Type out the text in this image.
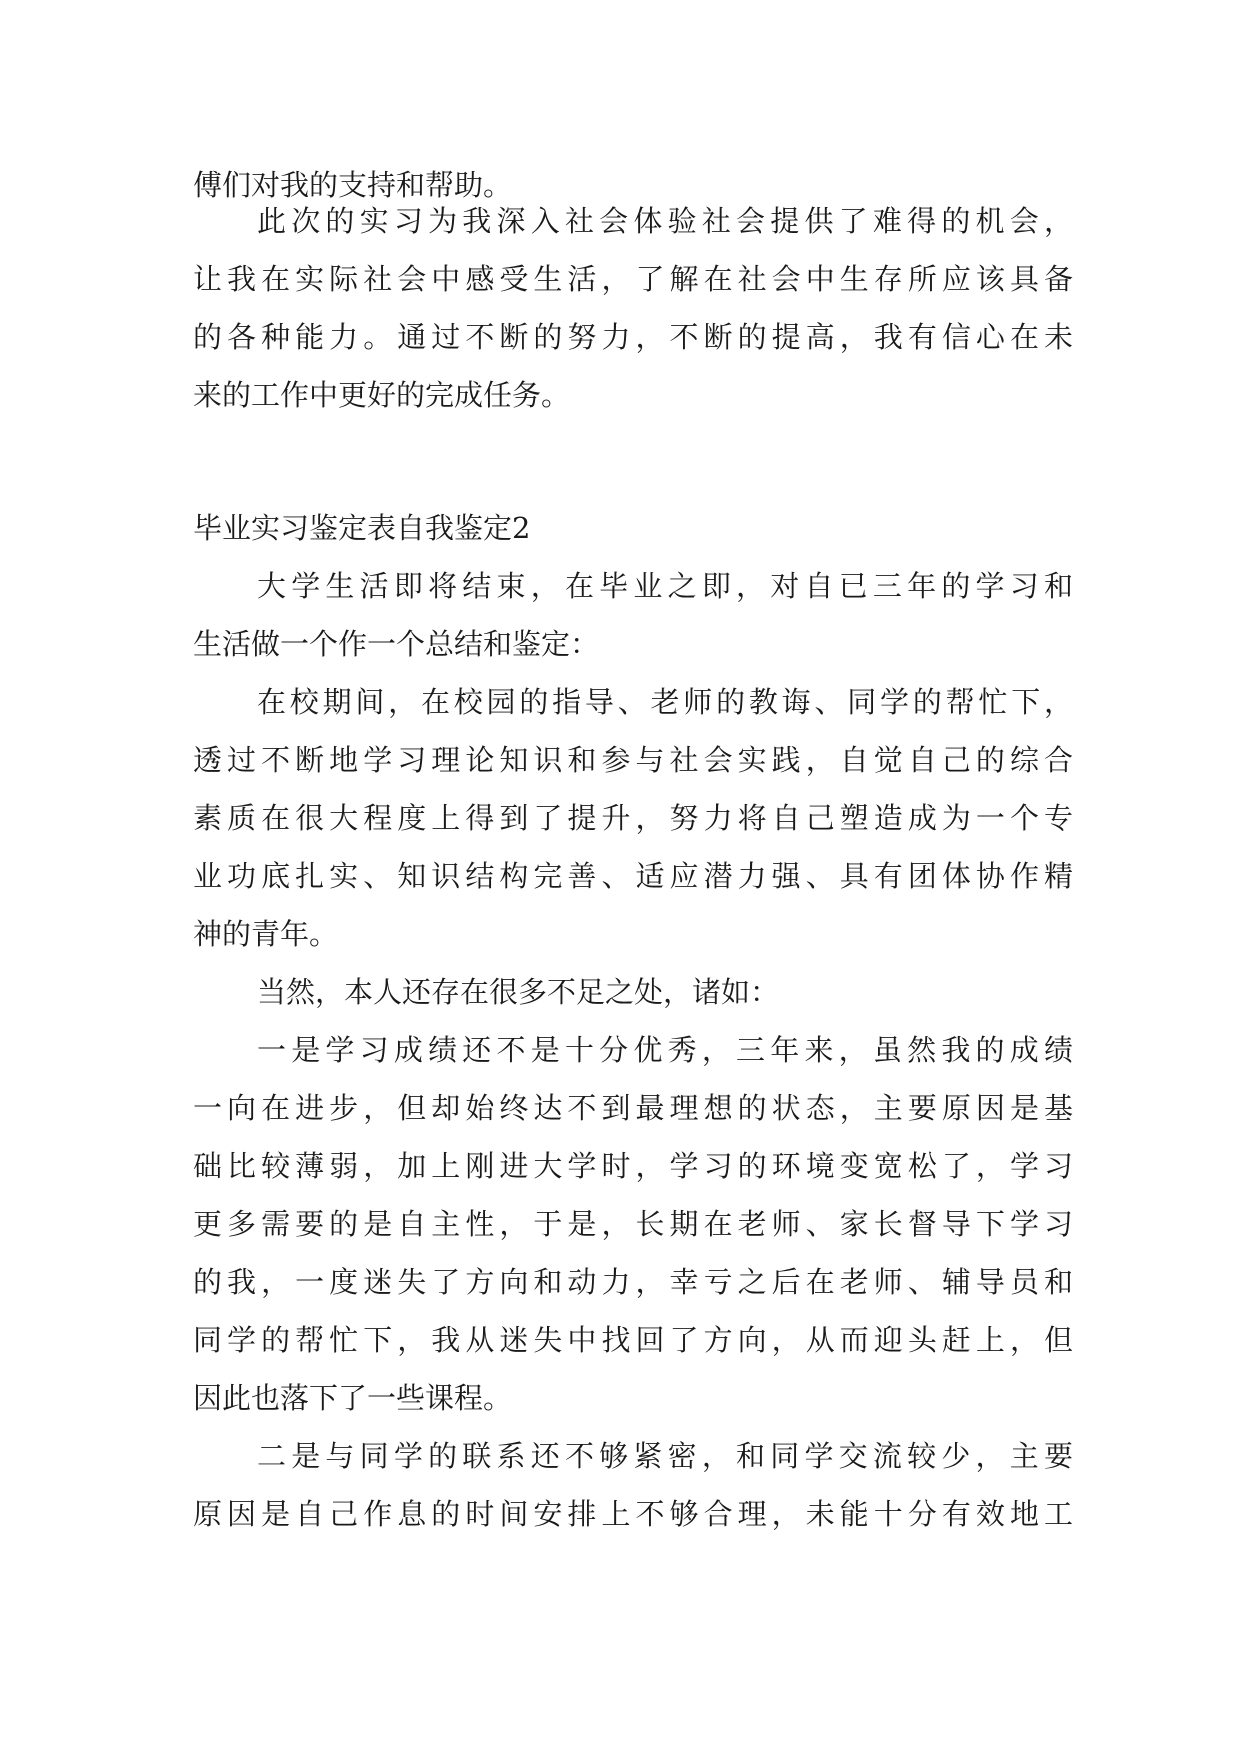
傅们对我的支持和帮助。
此次的实习为我深入社会体验社会提供了难得的机会，
让我在实际社会中感受生活，了解在社会中生存所应该具备
的各种能力。通过不断的努力，不断的提高，我有信心在未
来的工作中更好的完成任务。
毕业实习鉴定表自我鉴定2
大学生活即将结束，在毕业之即，对自已三年的学习和
生活做一个作一个总结和鉴定：
在校期间，在校园的指导、老师的教诲、同学的帮忙下，
透过不断地学习理论知识和参与社会实践，自觉自己的综合
素质在很大程度上得到了提升，努力将自己塑造成为一个专
业功底扎实、知识结构完善、适应潜力强、具有团体协作精
神的青年。
当然，本人还存在很多不足之处，诸如：
一是学习成绩还不是十分优秀，三年来，虽然我的成绩
一向在进步，但却始终达不到最理想的状态，主要原因是基
础比较薄弱，加上刚进大学时，学习的环境变宽松了，学习
更多需要的是自主性，于是，长期在老师、家长督导下学习
的我，一度迷失了方向和动力，幸亏之后在老师、辅导员和
同学的帮忙下，我从迷失中找回了方向，从而迎头赶上，但
因此也落下了一些课程。
二是与同学的联系还不够紧密，和同学交流较少，主要
原因是自己作息的时间安排上不够合理，未能十分有效地工
